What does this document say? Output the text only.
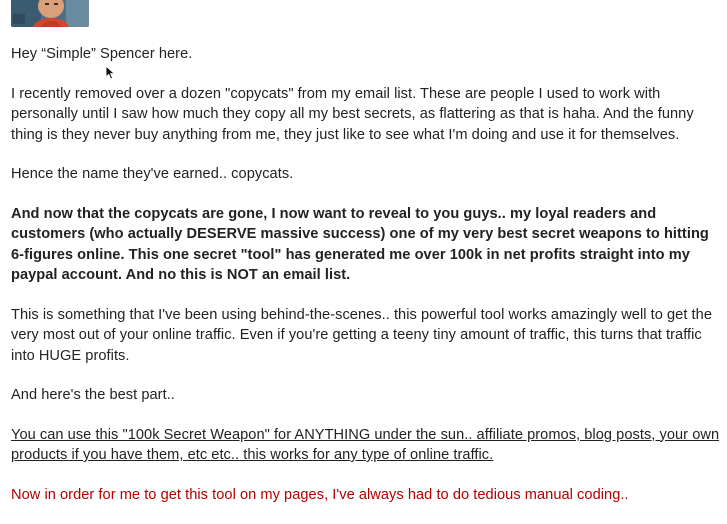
Hey “Simple” Spencer here.

I recently removed over a dozen "copycats" from my email list. These are people I used to work with personally until I saw how much they copy all my best secrets, as flattering as that is haha. And the funny thing is they never buy anything from me, they just like to see what I'm doing and use it for themselves.

Hence the name they've earned.. copycats.

And now that the copycats are gone, I now want to reveal to you guys.. my loyal readers and customers (who actually DESERVE massive success) one of my very best secret weapons to hitting 6-figures online. This one secret "tool" has generated me over 100k in net profits straight into my paypal account. And no this is NOT an email list.

This is something that I've been using behind-the-scenes.. this powerful tool works amazingly well to get the very most out of your online traffic. Even if you're getting a teeny tiny amount of traffic, this turns that traffic into HUGE profits.

And here's the best part..

You can use this "100k Secret Weapon" for ANYTHING under the sun.. affiliate promos, blog posts, your own products if you have them, etc etc.. this works for any type of online traffic.

Now in order for me to get this tool on my pages, I've always had to do tedious manual coding..
